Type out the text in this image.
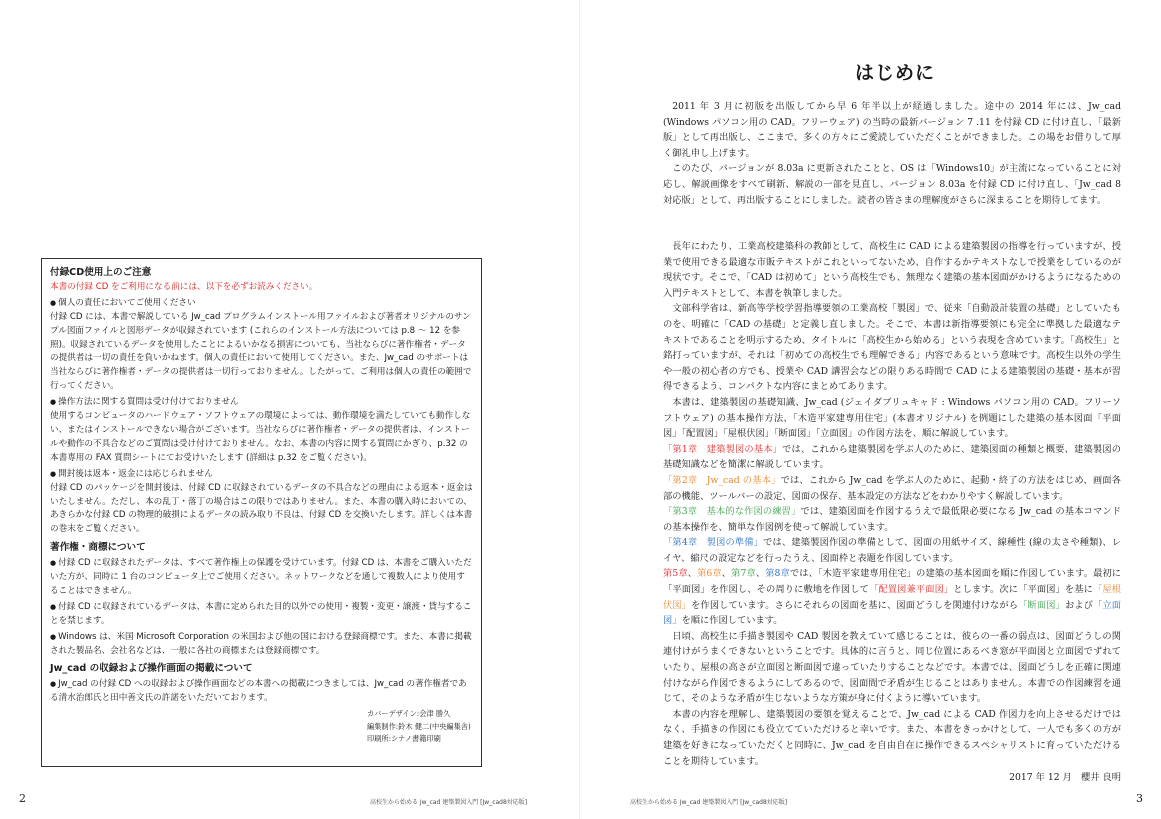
付録CD使用上のご注意
本書の付録 CD をご利用になる前には、以下を必ずお読みください。
● 個人の責任においてご使用ください
付録 CD には、本書で解説している Jw_cad プログラムインストール用ファイルおよび著者オリジナルのサンプル図面ファイルと図形データが収録されています (これらのインストール方法については p.8 ～ 12 を参照)。収録されているデータを使用したことによるいかなる損害についても、当社ならびに著作権者・データの提供者は一切の責任を負いかねます。個人の責任において使用してください。また、Jw_cad のサポートは当社ならびに著作権者・データの提供者は一切行っておりません。したがって、ご利用は個人の責任の範囲で行ってください。
● 操作方法に関する質問は受け付けておりません
使用するコンピュータのハードウェア・ソフトウェアの環境によっては、動作環境を満たしていても動作しない、またはインストールできない場合がございます。当社ならびに著作権者・データの提供者は、インストールや動作の不具合などのご質問は受け付けておりません。なお、本書の内容に関する質問にかぎり、p.32 の本書専用の FAX 質問シートにてお受けいたします (詳細は p.32 をご覧ください)。
● 開封後は返本・返金には応じられません
付録 CD のパッケージを開封後は、付録 CD に収録されているデータの不具合などの理由による返本・返金はいたしません。ただし、本の乱丁・落丁の場合はこの限りではありません。また、本書の購入時においての、あきらかな付録 CD の物理的破損によるデータの読み取り不良は、付録 CD を交換いたします。詳しくは本書の巻末をご覧ください。
著作権・商標について
● 付録 CD に収録されたデータは、すべて著作権上の保護を受けています。付録 CD は、本書をご購入いただいた方が、同時に 1 台のコンピュータ上でご使用ください。ネットワークなどを通して複数人により使用することはできません。
● 付録 CD に収録されているデータは、本書に定められた目的以外での使用・複製・変更・譲渡・貸与することを禁じます。
● Windows は、米国 Microsoft Corporation の米国および他の国における登録商標です。また、本書に掲載された製品名、会社名などは、一般に各社の商標または登録商標です。
Jw_cad の収録および操作画面の掲載について
● Jw_cad の付録 CD への収録および操作画面などの本書への掲載につきましては、Jw_cad の著作権者である清水治郎氏と田中善文氏の許諾をいただいております。
カバーデザイン:会津 勝久
編集制作:鈴木 健二(中央編集舎)
印刷所:シナノ書籍印刷
はじめに

2011 年 3 月に初版を出版してから早 6 年半以上が経過しました。途中の 2014 年には、Jw_cad (Windows パソコン用の CAD。フリーウェア) の当時の最新バージョン 7 .11 を付録 CD に付け直し、「最新版」として再出版し、ここまで、多くの方々にご愛読していただくことができました。この場をお借りして厚く御礼申し上げます。

このたび、バージョンが 8.03a に更新されたことと、OS は「Windows10」が主流になっていることに対応し、解説画像をすべて刷新、解説の一部を見直し、バージョン 8.03a を付録 CD に付け直し、「Jw_cad 8 対応版」として、再出版することにしました。読者の皆さまの理解度がさらに深まることを期待してます。

長年にわたり、工業高校建築科の教師として、高校生に CAD による建築製図の指導を行っていますが、授業で使用できる最適な市販テキストがこれといってないため、自作するかテキストなしで授業をしているのが現状です。そこで、「CAD は初めて」という高校生でも、無理なく建築の基本図面がかけるようになるための入門テキストとして、本書を執筆しました。

文部科学省は、新高等学校学習指導要領の工業高校「製図」で、従来「自動設計装置の基礎」としていたものを、明確に「CAD の基礎」と定義し直しました。そこで、本書は新指導要領にも完全に準拠した最適なテキストであることを明示するため、タイトルに「高校生から始める」という表現を含めています。「高校生」と銘打っていますが、それは「初めての高校生でも理解できる」内容であるという意味です。高校生以外の学生や一般の初心者の方でも、授業や CAD 講習会などの限りある時間で CAD による建築製図の基礎・基本が習得できるよう、コンパクトな内容にまとめてあります。

本書は、建築製図の基礎知識、Jw_cad (ジェイダブリュキャド : Windows パソコン用の CAD。フリーソフトウェア) の基本操作方法、「木造平家建専用住宅」(本書オリジナル) を例題にした建築の基本図面「平面図」「配置図」「屋根伏図」「断面図」「立面図」の作図方法を、順に解説しています。

「第1章　建築製図の基本」では、これから建築製図を学ぶ人のために、建築図面の種類と概要、建築製図の基礎知識などを簡潔に解説しています。

「第2章　Jw_cad の基本」では、これから Jw_cad を学ぶ人のために、起動・終了の方法をはじめ、画面各部の機能、ツールバーの設定、図面の保存、基本設定の方法などをわかりやすく解説しています。

「第3章　基本的な作図の練習」では、建築図面を作図するうえで最低限必要になる Jw_cad の基本コマンドの基本操作を、簡単な作図例を使って解説しています。

「第4章　製図の準備」では、建築製図作図の準備として、図面の用紙サイズ、線種性 (線の太さや種類)、レイヤ、縮尺の設定などを行ったうえ、図面枠と表題を作図しています。

第5章、第6章、第7章、第8章では、「木造平家建専用住宅」の建築の基本図面を順に作図しています。最初に「平面図」を作図し、その周りに敷地を作図して「配置図兼平面図」とします。次に「平面図」を基に「屋根伏図」を作図しています。さらにそれらの図面を基に、図面どうしを関連付けながら「断面図」および「立面図」を順に作図しています。

日頃、高校生に手描き製図や CAD 製図を教えていて感じることは、彼らの一番の弱点は、図面どうしの関連付けがうまくできないということです。具体的に言うと、同じ位置にあるべき窓が平面図と立面図でずれていたり、屋根の高さが立面図と断面図で違っていたりすることなどです。本書では、図面どうしを正確に関連付けながら作図できるようにしてあるので、図面間で矛盾が生じることはありません。本書での作図練習を通じて、そのような矛盾が生じないような方策が身に付くように導いています。

本書の内容を理解し、建築製図の要領を覚えることで、Jw_cad による CAD 作図力を向上させるだけではなく、手描きの作図にも役立てていただけると幸いです。また、本書をきっかけとして、一人でも多くの方が建築を好きになっていただくと同時に、Jw_cad を自由自在に操作できるスペシャリストに育っていただけることを期待しています。

2017 年 12 月　 櫻井 良明
2	高校生から始める Jw_cad 建築製図入門 [Jw_cad8対応版]	高校生から始める Jw_cad 建築製図入門 [Jw_cad8対応版]	3
